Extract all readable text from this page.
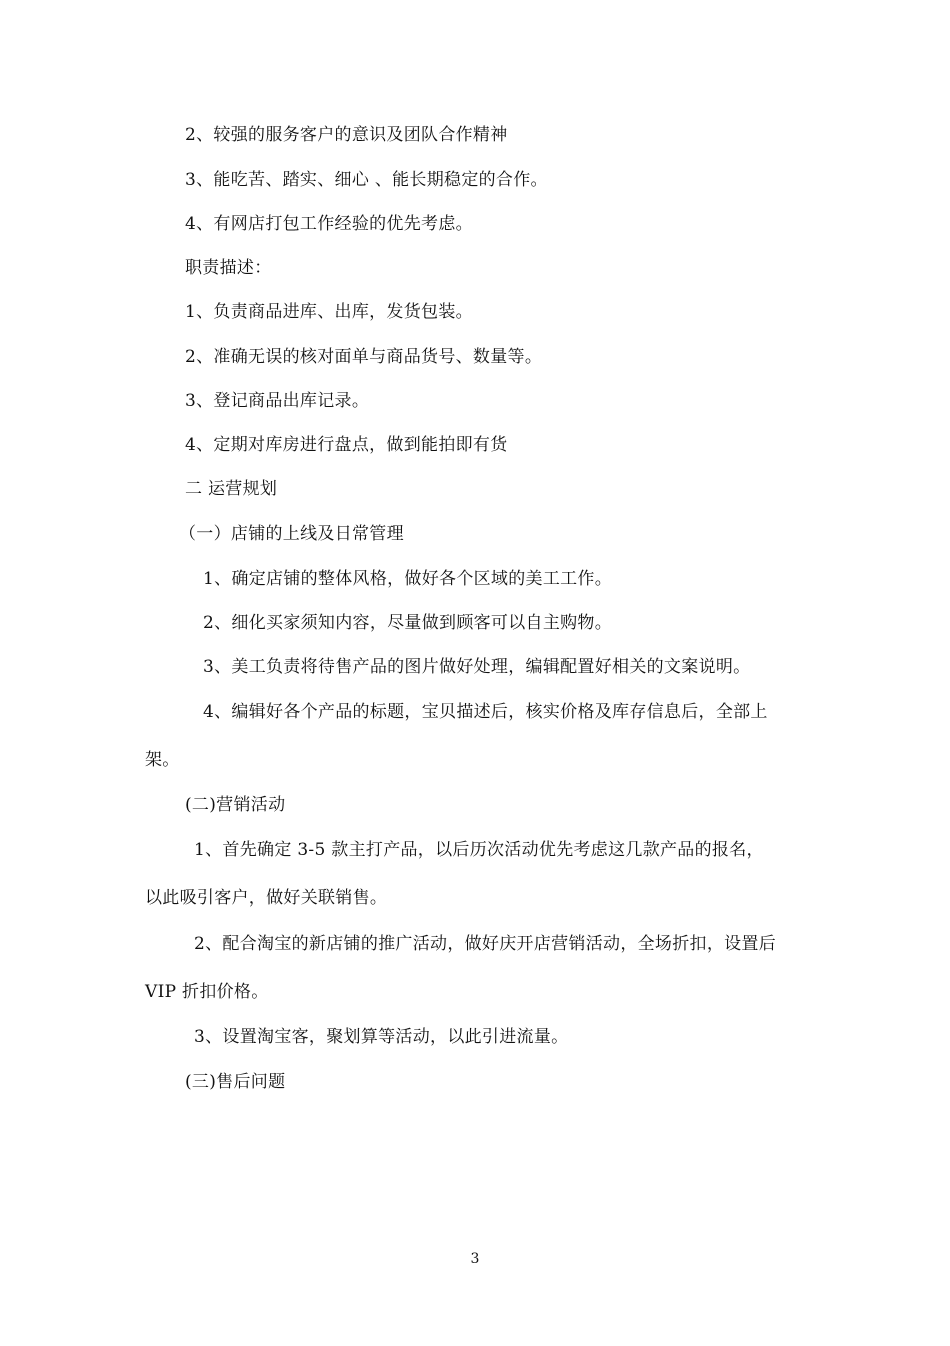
2、较强的服务客户的意识及团队合作精神
3、能吃苦、踏实、细心 、能长期稳定的合作。
4、有网店打包工作经验的优先考虑。
职责描述：
1、负责商品进库、出库，发货包装。
2、准确无误的核对面单与商品货号、数量等。
3、登记商品出库记录。
4、定期对库房进行盘点，做到能拍即有货
二 运营规划
（一）店铺的上线及日常管理
1、确定店铺的整体风格，做好各个区域的美工工作。
2、细化买家须知内容，尽量做到顾客可以自主购物。
3、美工负责将待售产品的图片做好处理，编辑配置好相关的文案说明。
4、编辑好各个产品的标题，宝贝描述后，核实价格及库存信息后，全部上
架。
(二)营销活动
1、首先确定 3-5 款主打产品，以后历次活动优先考虑这几款产品的报名，
以此吸引客户，做好关联销售。
2、配合淘宝的新店铺的推广活动，做好庆开店营销活动，全场折扣，设置后
VIP 折扣价格。
3、设置淘宝客，聚划算等活动，以此引进流量。
(三)售后问题
3
